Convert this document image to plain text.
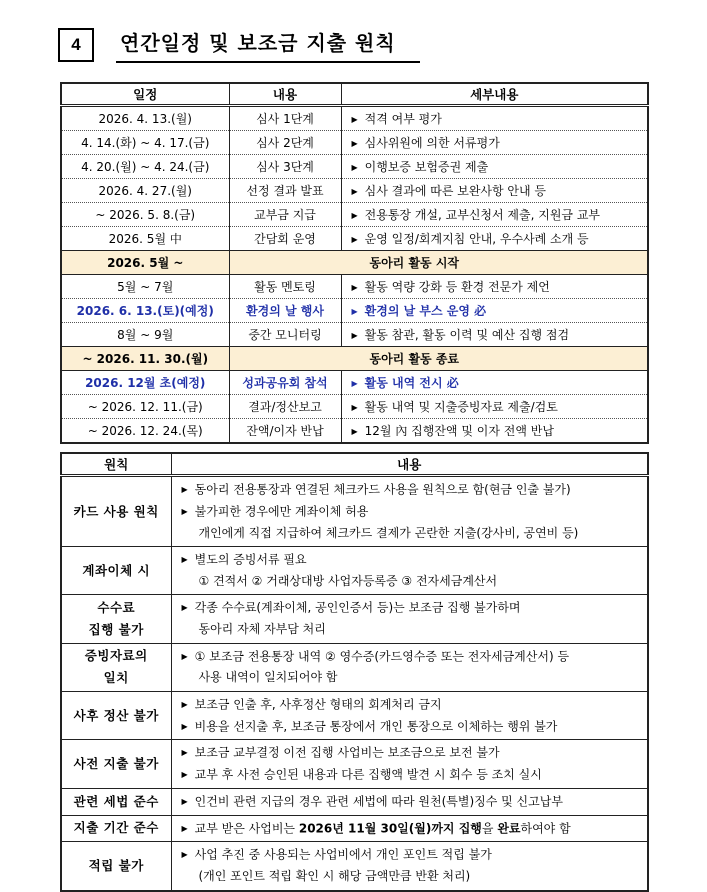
4	연간일정 및 보조금 지출 원칙
일정	내용	세부내용
2026. 4. 13.(월)	심사 1단계	▶ 적격 여부 평가
4. 14.(화) ~ 4. 17.(금)	심사 2단계	▶ 심사위원에 의한 서류평가
4. 20.(월) ~ 4. 24.(금)	심사 3단계	▶ 이행보증 보험증권 제출
2026. 4. 27.(월)	선정 결과 발표	▶ 심사 결과에 따른 보완사항 안내 등
~ 2026. 5. 8.(금)	교부금 지급	▶ 전용통장 개설, 교부신청서 제출, 지원금 교부
2026. 5월 中	간담회 운영	▶ 운영 일정/회계지침 안내, 우수사례 소개 등
2026. 5월 ~	동아리 활동 시작	
5월 ~ 7월	활동 멘토링	▶ 활동 역량 강화 등 환경 전문가 제언
2026. 6. 13.(토)(예정)	환경의 날 행사	▶ 환경의 날 부스 운영 必
8월 ~ 9월	중간 모니터링	▶ 활동 참관, 활동 이력 및 예산 집행 점검
~ 2026. 11. 30.(월)	동아리 활동 종료	
2026. 12월 초(예정)	성과공유회 참석	▶ 활동 내역 전시 必
~ 2026. 12. 11.(금)	결과/정산보고	▶ 활동 내역 및 지출증빙자료 제출/검토
~ 2026. 12. 24.(목)	잔액/이자 반납	▶ 12월 內 집행잔액 및 이자 전액 반납
원칙	내용
카드 사용 원칙	▶ 동아리 전용통장과 연결된 체크카드 사용을 원칙으로 함(현금 인출 불가)
▶ 불가피한 경우에만 계좌이체 허용
개인에게 직접 지급하여 체크카드 결제가 곤란한 지출(강사비, 공연비 등)

계좌이체 시	▶ 별도의 증빙서류 필요
① 견적서 ② 거래상대방 사업자등록증 ③ 전자세금계산서

수수료
집행 불가	▶ 각종 수수료(계좌이체, 공인인증서 등)는 보조금 집행 불가하며
동아리 자체 자부담 처리

증빙자료의
일치	▶ ① 보조금 전용통장 내역 ② 영수증(카드영수증 또는 전자세금계산서) 등
사용 내역이 일치되어야 함

사후 정산 불가	▶ 보조금 인출 후, 사후정산 형태의 회계처리 금지
▶ 비용을 선지출 후, 보조금 통장에서 개인 통장으로 이체하는 행위 불가

사전 지출 불가	▶ 보조금 교부결정 이전 집행 사업비는 보조금으로 보전 불가
▶ 교부 후 사전 승인된 내용과 다른 집행액 발견 시 회수 등 조치 실시

관련 세법 준수	▶ 인건비 관련 지급의 경우 관련 세법에 따라 원천(특별)징수 및 신고납부

지출 기간 준수	▶ 교부 받은 사업비는 2026년 11월 30일(월)까지 집행을 완료하여야 함

적립 불가	▶ 사업 추진 중 사용되는 사업비에서 개인 포인트 적립 불가
(개인 포인트 적립 확인 시 해당 금액만큼 반환 처리)
